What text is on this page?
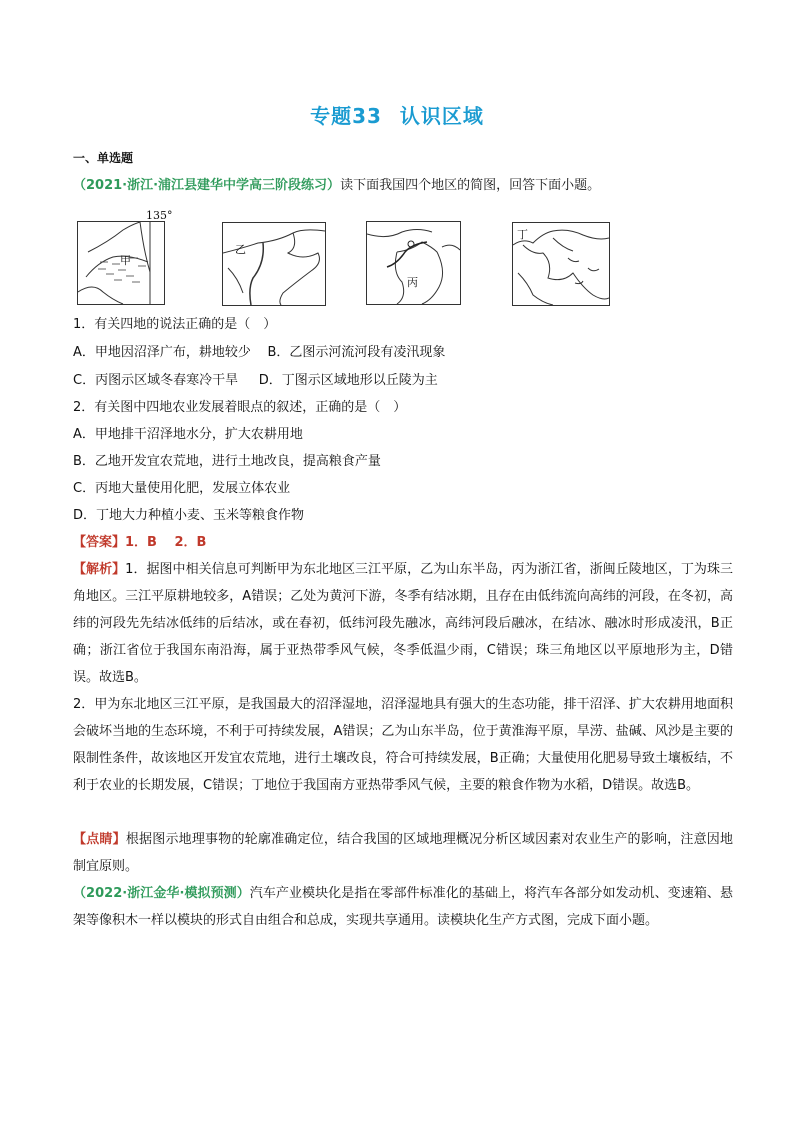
专题33 认识区域
一、单选题
（2021·浙江·浦江县建华中学高三阶段练习）读下面我国四个地区的简图，回答下面小题。
甲
135°
乙
丙
丁
1．有关四地的说法正确的是（　）
A．甲地因沼泽广布，耕地较少 B．乙图示河流河段有凌汛现象
C．丙图示区域冬春寒冷干旱 D．丁图示区域地形以丘陵为主
2．有关图中四地农业发展着眼点的叙述，正确的是（　）
A．甲地排干沼泽地水分，扩大农耕用地
B．乙地开发宜农荒地，进行土地改良，提高粮食产量
C．丙地大量使用化肥，发展立体农业
D．丁地大力种植小麦、玉米等粮食作物
【答案】1．B　 2．B
【解析】1．据图中相关信息可判断甲为东北地区三江平原，乙为山东半岛，丙为浙江省，浙闽丘陵地区，丁为珠三角地区。三江平原耕地较多，A错误；乙处为黄河下游，冬季有结冰期，且存在由低纬流向高纬的河段，在冬初，高纬的河段先先结冰低纬的后结冰，或在春初，低纬河段先融冰，高纬河段后融冰，在结冰、融冰时形成凌汛，B正确；浙江省位于我国东南沿海，属于亚热带季风气候，冬季低温少雨，C错误；珠三角地区以平原地形为主，D错误。故选B。
2．甲为东北地区三江平原，是我国最大的沼泽湿地，沼泽湿地具有强大的生态功能，排干沼泽、扩大农耕用地面积会破坏当地的生态环境，不利于可持续发展，A错误；乙为山东半岛，位于黄淮海平原，旱涝、盐碱、风沙是主要的限制性条件，故该地区开发宜农荒地，进行土壤改良，符合可持续发展，B正确；大量使用化肥易导致土壤板结，不利于农业的长期发展，C错误；丁地位于我国南方亚热带季风气候，主要的粮食作物为水稻，D错误。故选B。
【点睛】根据图示地理事物的轮廓准确定位，结合我国的区域地理概况分析区域因素对农业生产的影响，注意因地制宜原则。
（2022·浙江金华·模拟预测）汽车产业模块化是指在零部件标准化的基础上，将汽车各部分如发动机、变速箱、悬架等像积木一样以模块的形式自由组合和总成，实现共享通用。读模块化生产方式图，完成下面小题。
